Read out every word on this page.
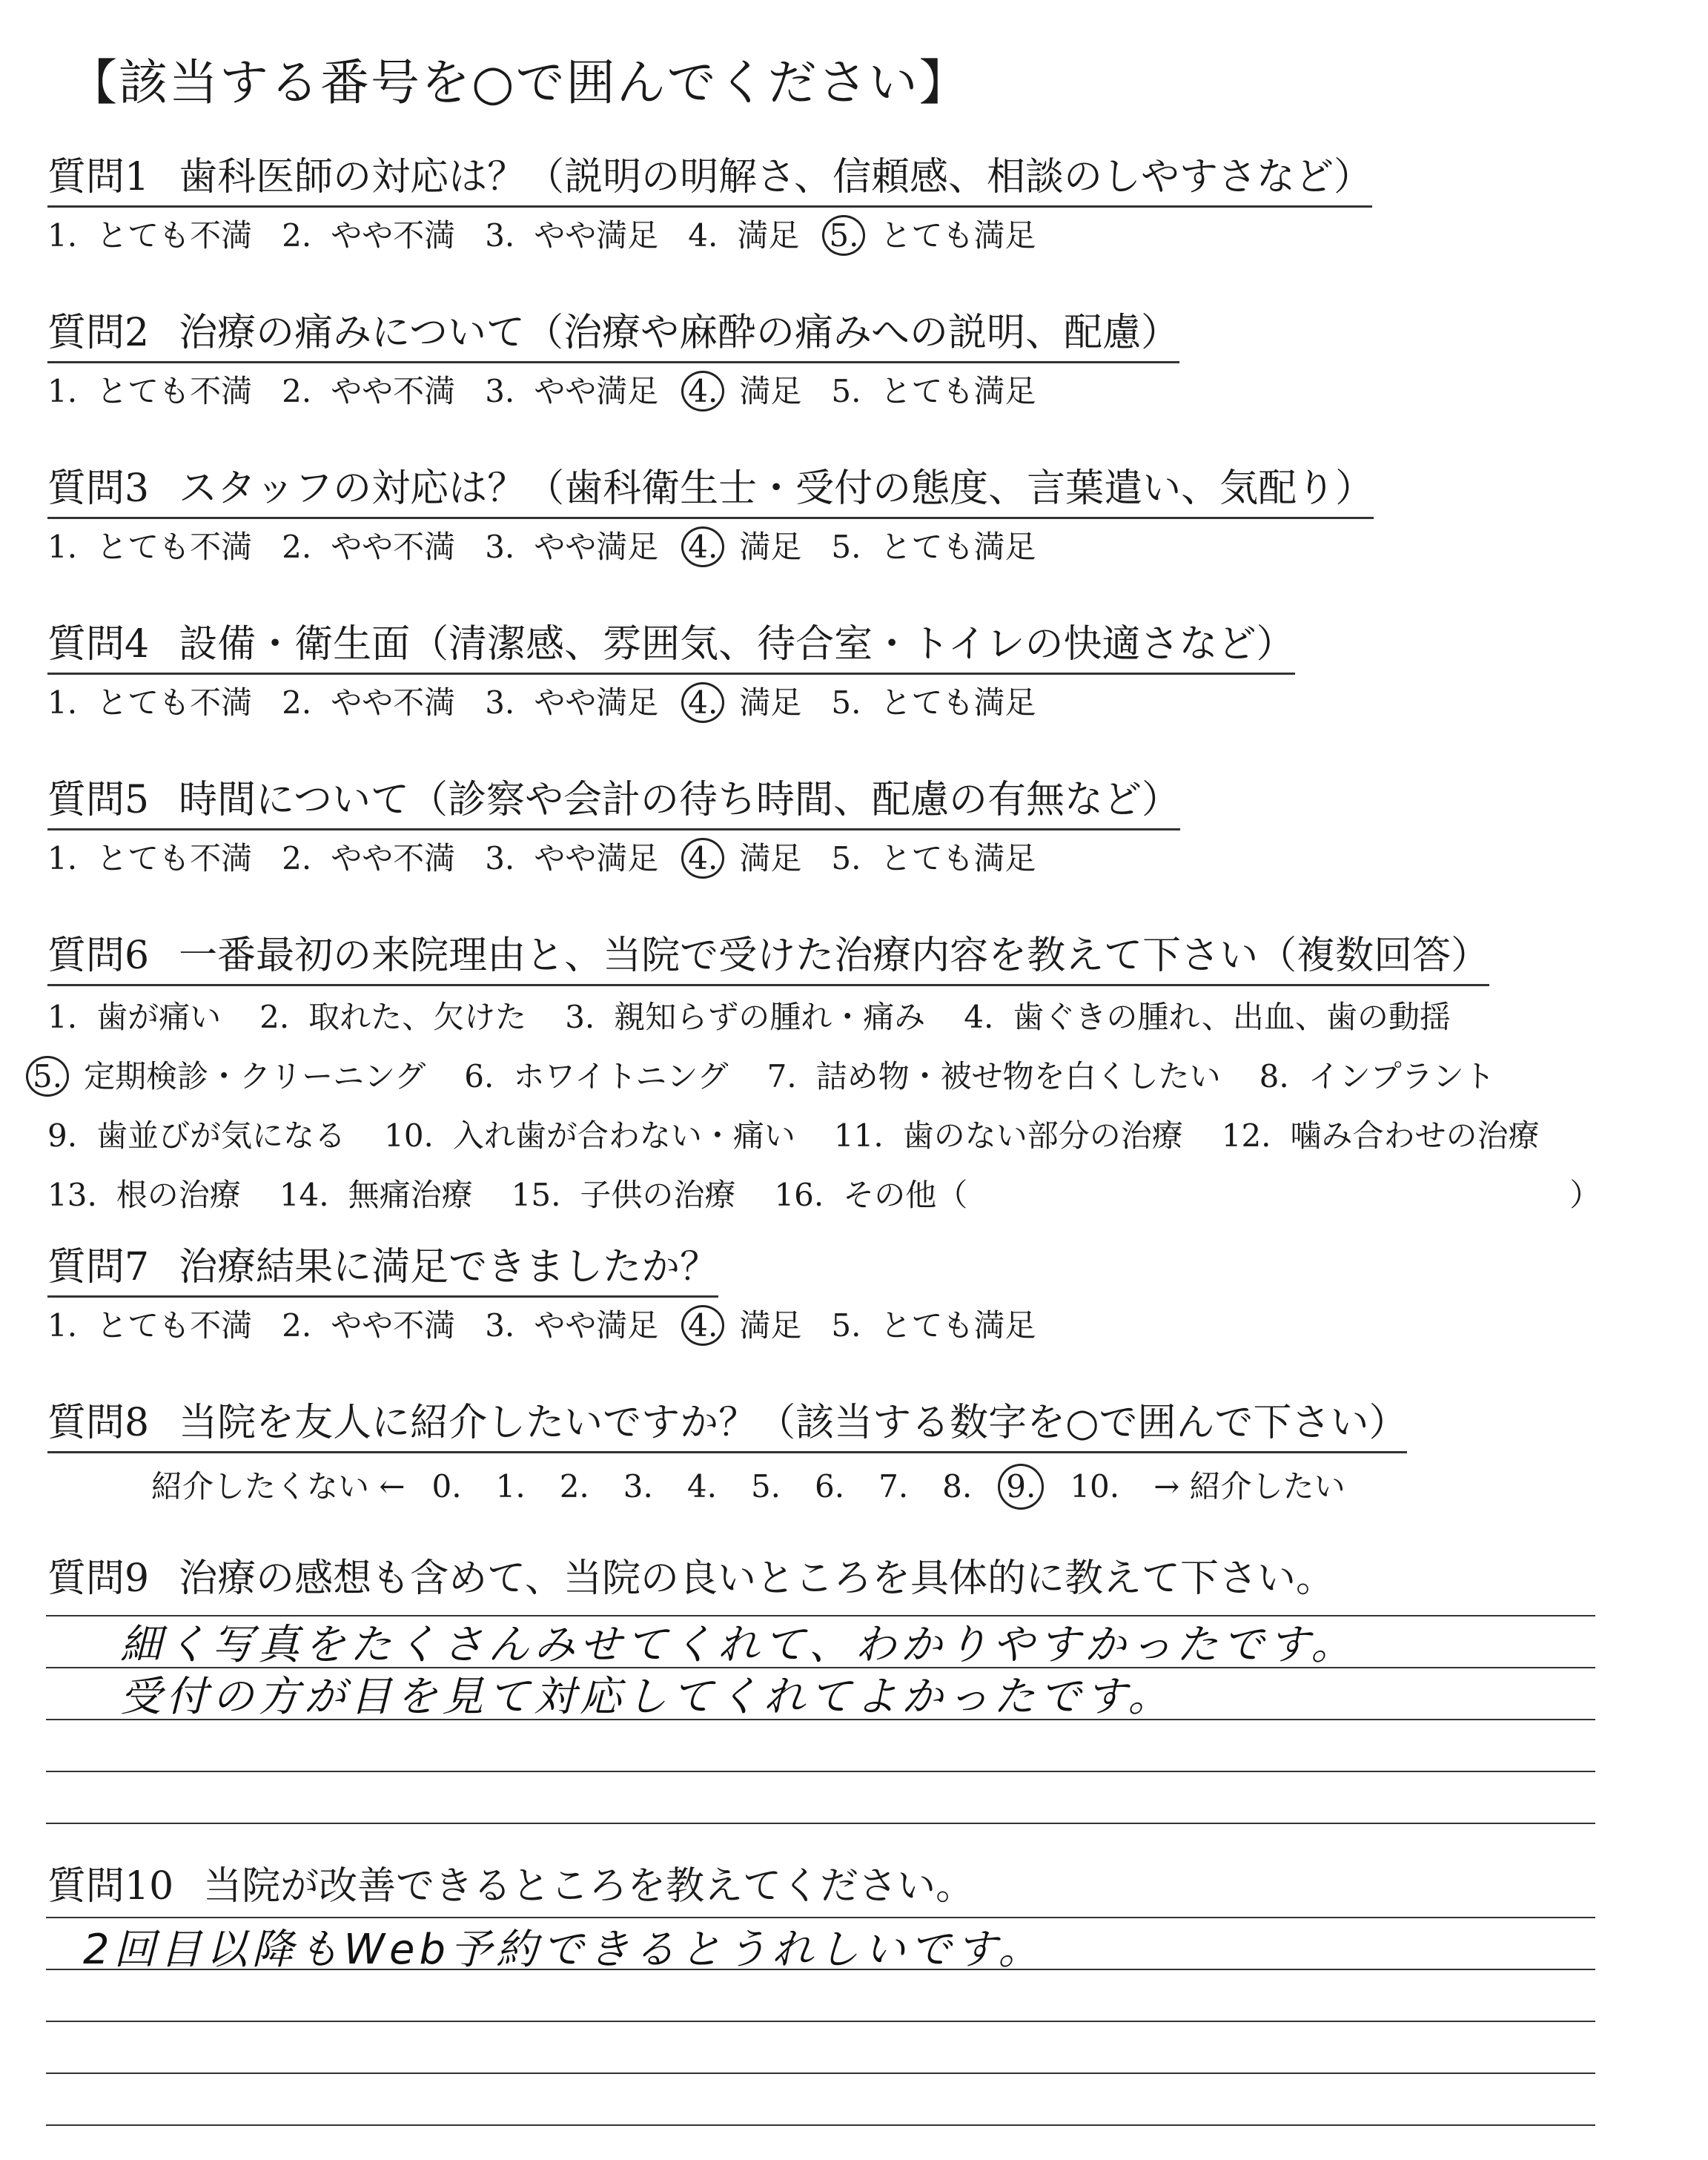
【該当する番号を○で囲んでください】
質問1 歯科医師の対応は？（説明の明解さ、信頼感、相談のしやすさなど）
1. とても不満 2. やや不満 3. やや満足 4. 満足 5. とても満足
質問2 治療の痛みについて（治療や麻酔の痛みへの説明、配慮）
1. とても不満 2. やや不満 3. やや満足 4. 満足 5. とても満足
質問3 スタッフの対応は？（歯科衛生士・受付の態度、言葉遣い、気配り）
1. とても不満 2. やや不満 3. やや満足 4. 満足 5. とても満足
質問4 設備・衛生面（清潔感、雰囲気、待合室・トイレの快適さなど）
1. とても不満 2. やや不満 3. やや満足 4. 満足 5. とても満足
質問5 時間について（診察や会計の待ち時間、配慮の有無など）
1. とても不満 2. やや不満 3. やや満足 4. 満足 5. とても満足
質問6 一番最初の来院理由と、当院で受けた治療内容を教えて下さい（複数回答）
1. 歯が痛い 2. 取れた、欠けた 3. 親知らずの腫れ・痛み 4. 歯ぐきの腫れ、出血、歯の動揺
5. 定期検診・クリーニング 6. ホワイトニング 7. 詰め物・被せ物を白くしたい 8. インプラント
9. 歯並びが気になる 10. 入れ歯が合わない・痛い 11. 歯のない部分の治療 12. 噛み合わせの治療
13. 根の治療 14. 無痛治療 15. 子供の治療 16. その他（	）
質問7 治療結果に満足できましたか？
1. とても不満 2. やや不満 3. やや満足 4. 満足 5. とても満足
質問8 当院を友人に紹介したいですか？（該当する数字を○で囲んで下さい）
紹介したくない ← 0. 1. 2. 3. 4. 5. 6. 7. 8. 9. 10. → 紹介したい
質問9 治療の感想も含めて、当院の良いところを具体的に教えて下さい。
細く写真をたくさんみせてくれて、わかりやすかったです。
受付の方が目を見て対応してくれてよかったです。
質問10 当院が改善できるところを教えてください。
2回目以降もWeb予約できるとうれしいです。
